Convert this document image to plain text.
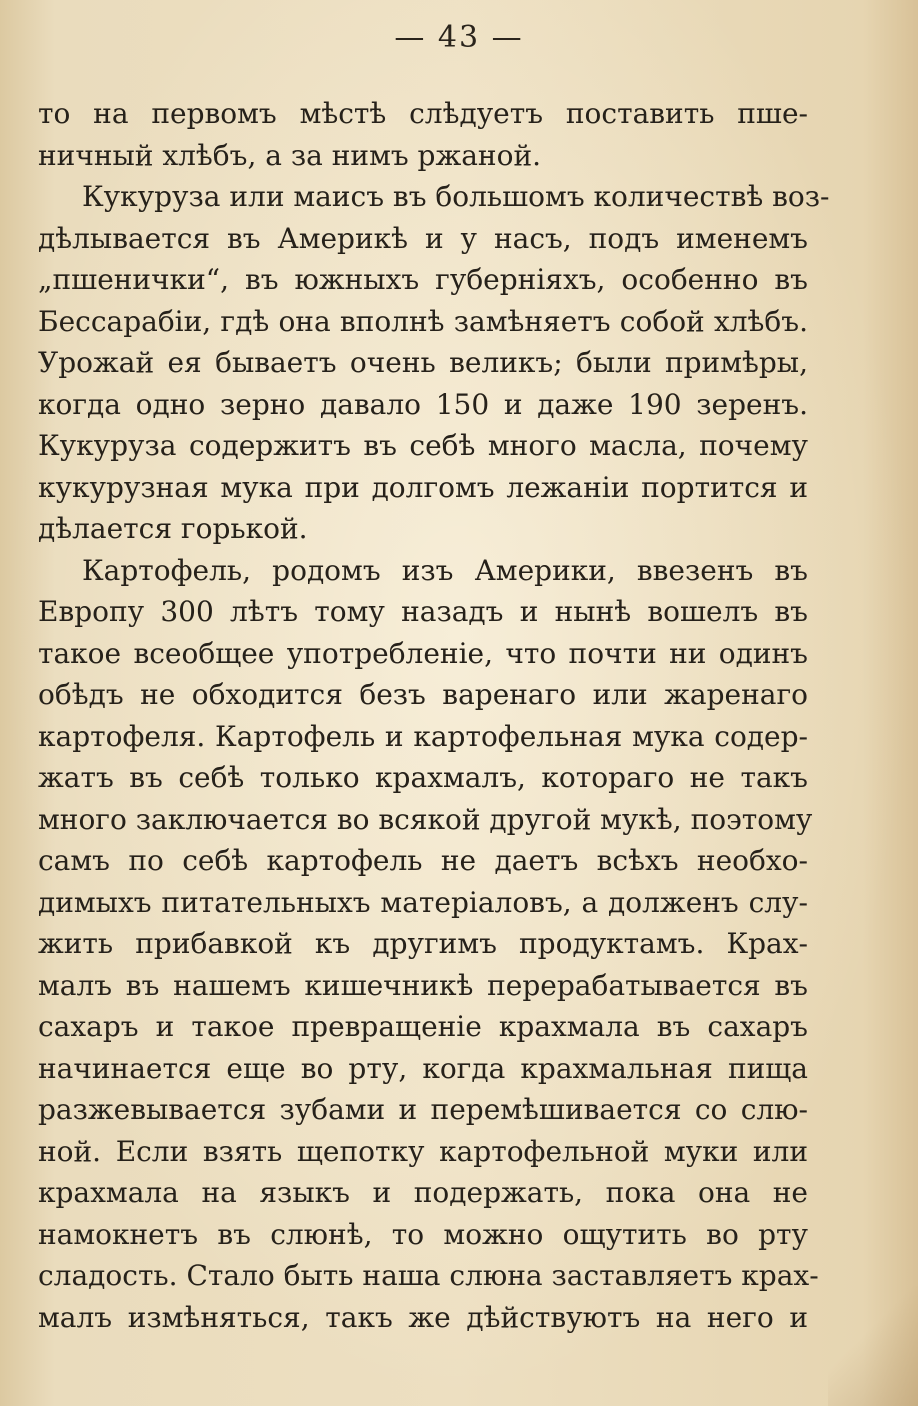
— 43 —
то на первомъ мѣстѣ слѣдуетъ поставить пше-
ничный хлѣбъ, а за нимъ ржаной.
Кукуруза или маисъ въ большомъ количествѣ воз-
дѣлывается въ Америкѣ и у насъ, подъ именемъ
„пшенички“, въ южныхъ губерніяхъ, особенно въ
Бессарабіи, гдѣ она вполнѣ замѣняетъ собой хлѣбъ.
Урожай ея бываетъ очень великъ; были примѣры,
когда одно зерно давало 150 и даже 190 зеренъ.
Кукуруза содержитъ въ себѣ много масла, почему
кукурузная мука при долгомъ лежаніи портится и
дѣлается горькой.
Картофель, родомъ изъ Америки, ввезенъ въ
Европу 300 лѣтъ тому назадъ и нынѣ вошелъ въ
такое всеобщее употребленіе, что почти ни одинъ
обѣдъ не обходится безъ варенаго или жаренаго
картофеля. Картофель и картофельная мука содер-
жатъ въ себѣ только крахмалъ, котораго не такъ
много заключается во всякой другой мукѣ, поэтому
самъ по себѣ картофель не даетъ всѣхъ необхо-
димыхъ питательныхъ матеріаловъ, а долженъ слу-
жить прибавкой къ другимъ продуктамъ. Крах-
малъ въ нашемъ кишечникѣ перерабатывается въ
сахаръ и такое превращеніе крахмала въ сахаръ
начинается еще во рту, когда крахмальная пища
разжевывается зубами и перемѣшивается со слю-
ной. Если взять щепотку картофельной муки или
крахмала на языкъ и подержать, пока она не
намокнетъ въ слюнѣ, то можно ощутить во рту
сладость. Стало быть наша слюна заставляетъ крах-
малъ измѣняться, такъ же дѣйствуютъ на него и
